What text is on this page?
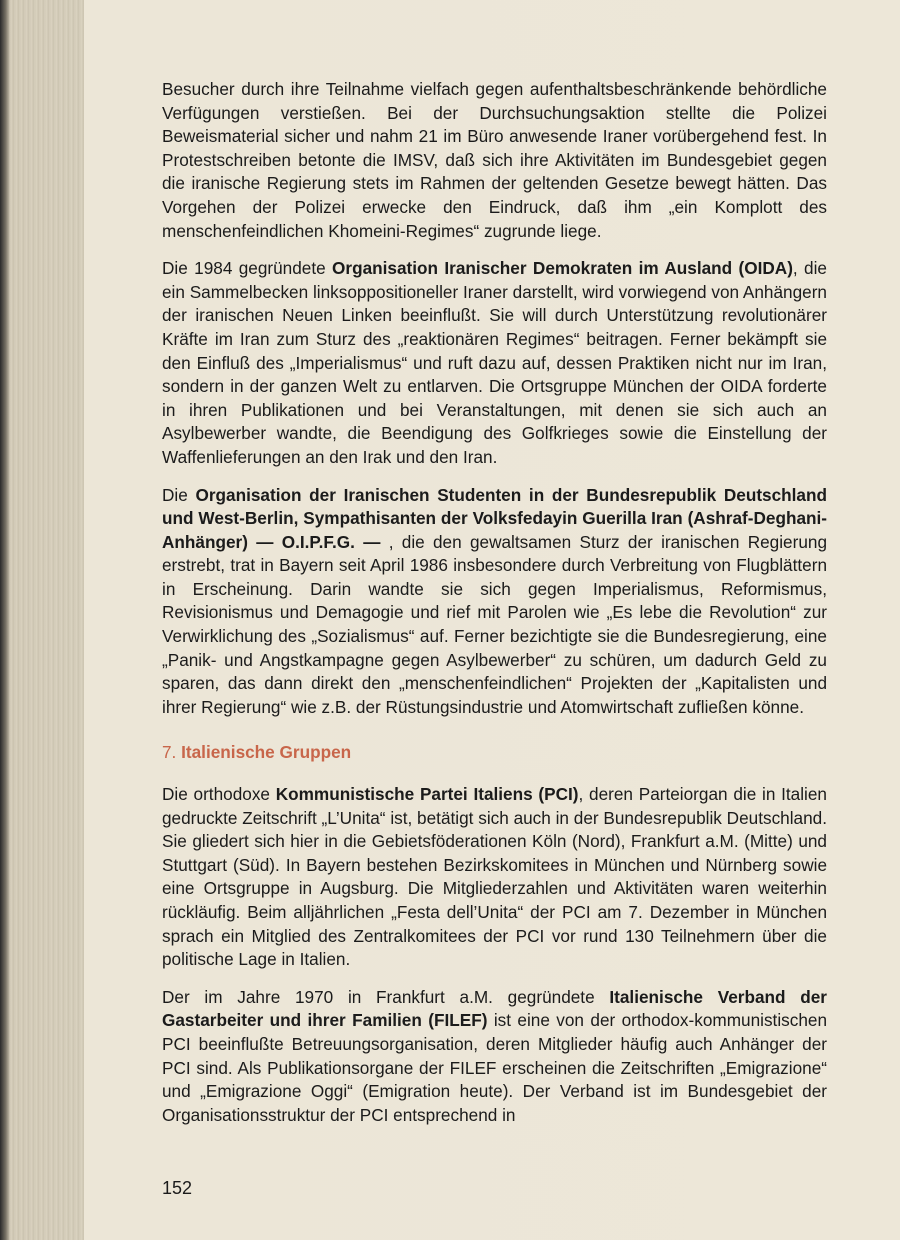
Besucher durch ihre Teilnahme vielfach gegen aufenthaltsbeschränkende behördliche Verfügungen verstießen. Bei der Durchsuchungsaktion stellte die Polizei Beweismaterial sicher und nahm 21 im Büro anwesende Iraner vorübergehend fest. In Protestschreiben betonte die IMSV, daß sich ihre Aktivitäten im Bundesgebiet gegen die iranische Regierung stets im Rahmen der geltenden Gesetze bewegt hätten. Das Vorgehen der Polizei erwecke den Eindruck, daß ihm „ein Komplott des menschenfeindlichen Khomeini-Regimes“ zugrunde liege.

Die 1984 gegründete Organisation Iranischer Demokraten im Ausland (OIDA), die ein Sammelbecken linksoppositioneller Iraner darstellt, wird vorwiegend von Anhängern der iranischen Neuen Linken beeinflußt. Sie will durch Unterstützung revolutionärer Kräfte im Iran zum Sturz des „reaktionären Regimes“ beitragen. Ferner bekämpft sie den Einfluß des „Imperialismus“ und ruft dazu auf, dessen Praktiken nicht nur im Iran, sondern in der ganzen Welt zu entlarven. Die Ortsgruppe München der OIDA forderte in ihren Publikationen und bei Veranstaltungen, mit denen sie sich auch an Asylbewerber wandte, die Beendigung des Golfkrieges sowie die Einstellung der Waffenlieferungen an den Irak und den Iran.

Die Organisation der Iranischen Studenten in der Bundesrepublik Deutschland und West-Berlin, Sympathisanten der Volksfedayin Guerilla Iran (Ashraf-Deghani-Anhänger) — O.I.P.F.G. — , die den gewaltsamen Sturz der iranischen Regierung erstrebt, trat in Bayern seit April 1986 insbesondere durch Verbreitung von Flugblättern in Erscheinung. Darin wandte sie sich gegen Imperialismus, Reformismus, Revisionismus und Demagogie und rief mit Parolen wie „Es lebe die Revolution“ zur Verwirklichung des „Sozialismus“ auf. Ferner bezichtigte sie die Bundesregierung, eine „Panik- und Angstkampagne gegen Asylbewerber“ zu schüren, um dadurch Geld zu sparen, das dann direkt den „menschenfeindlichen“ Projekten der „Kapitalisten und ihrer Regierung“ wie z.B. der Rüstungsindustrie und Atomwirtschaft zufließen könne.

7. Italienische Gruppen

Die orthodoxe Kommunistische Partei Italiens (PCI), deren Parteiorgan die in Italien gedruckte Zeitschrift „L’Unita“ ist, betätigt sich auch in der Bundesrepublik Deutschland. Sie gliedert sich hier in die Gebietsföderationen Köln (Nord), Frankfurt a.M. (Mitte) und Stuttgart (Süd). In Bayern bestehen Bezirkskomitees in München und Nürnberg sowie eine Ortsgruppe in Augsburg. Die Mitgliederzahlen und Aktivitäten waren weiterhin rückläufig. Beim alljährlichen „Festa dell’Unita“ der PCI am 7. Dezember in München sprach ein Mitglied des Zentralkomitees der PCI vor rund 130 Teilnehmern über die politische Lage in Italien.

Der im Jahre 1970 in Frankfurt a.M. gegründete Italienische Verband der Gastarbeiter und ihrer Familien (FILEF) ist eine von der orthodox-kommunistischen PCI beeinflußte Betreuungsorganisation, deren Mitglieder häufig auch Anhänger der PCI sind. Als Publikationsorgane der FILEF erscheinen die Zeitschriften „Emigrazione“ und „Emigrazione Oggi“ (Emigration heute). Der Verband ist im Bundesgebiet der Organisationsstruktur der PCI entsprechend in

152
